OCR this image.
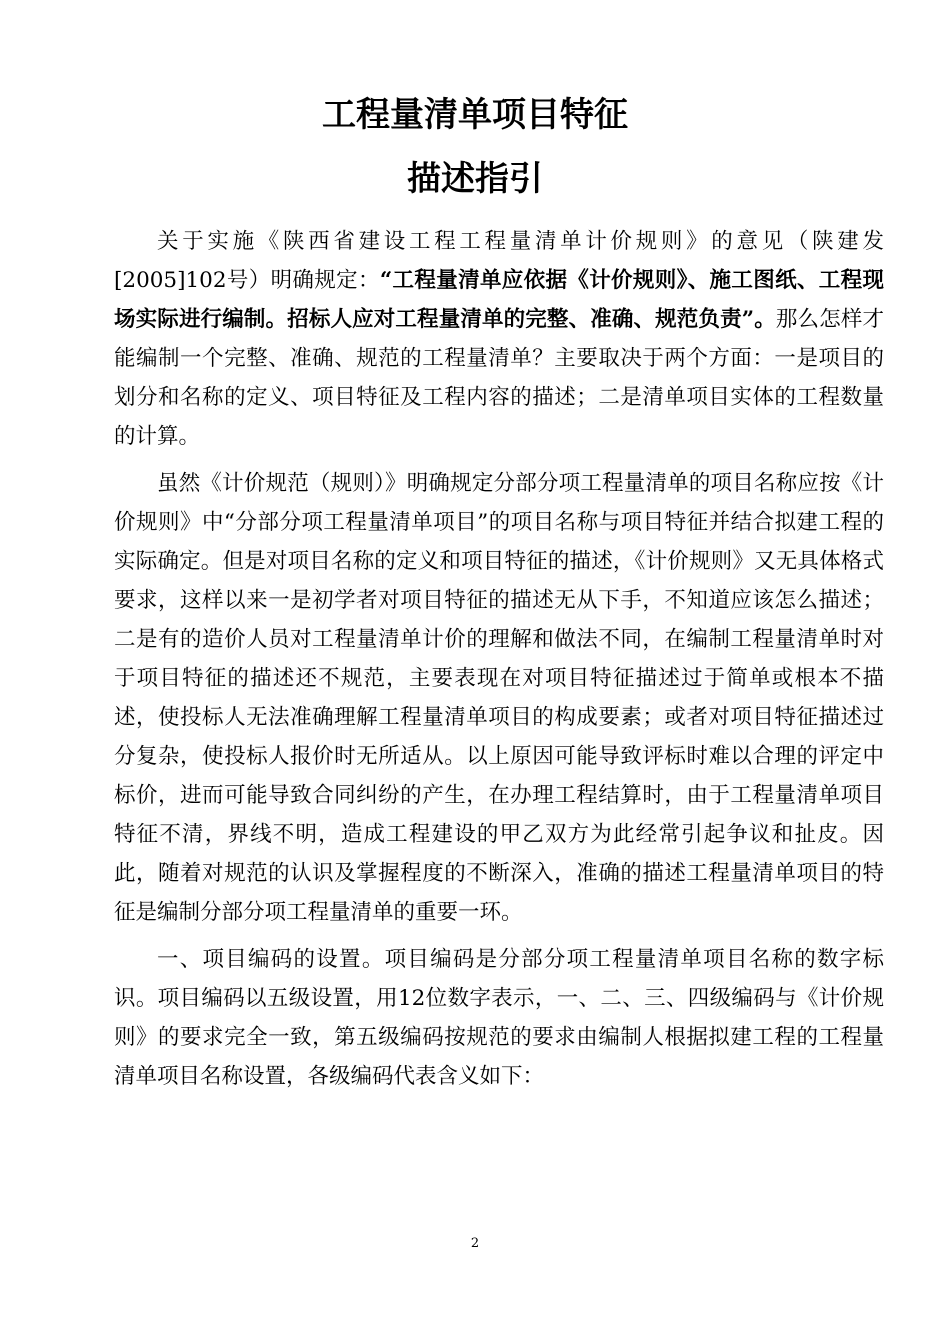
工程量清单项目特征
描述指引

关于实施《陕西省建设工程工程量清单计价规则》的意见（陕建发[2005]102号）明确规定：“工程量清单应依据《计价规则》、施工图纸、工程现场实际进行编制。招标人应对工程量清单的完整、准确、规范负责”。那么怎样才能编制一个完整、准确、规范的工程量清单？主要取决于两个方面：一是项目的划分和名称的定义、项目特征及工程内容的描述；二是清单项目实体的工程数量的计算。

虽然《计价规范（规则）》明确规定分部分项工程量清单的项目名称应按《计价规则》中“分部分项工程量清单项目”的项目名称与项目特征并结合拟建工程的实际确定。但是对项目名称的定义和项目特征的描述，《计价规则》又无具体格式要求，这样以来一是初学者对项目特征的描述无从下手，不知道应该怎么描述；二是有的造价人员对工程量清单计价的理解和做法不同，在编制工程量清单时对于项目特征的描述还不规范，主要表现在对项目特征描述过于简单或根本不描述，使投标人无法准确理解工程量清单项目的构成要素；或者对项目特征描述过分复杂，使投标人报价时无所适从。以上原因可能导致评标时难以合理的评定中标价，进而可能导致合同纠纷的产生，在办理工程结算时，由于工程量清单项目特征不清，界线不明，造成工程建设的甲乙双方为此经常引起争议和扯皮。因此，随着对规范的认识及掌握程度的不断深入，准确的描述工程量清单项目的特征是编制分部分项工程量清单的重要一环。

一、项目编码的设置。项目编码是分部分项工程量清单项目名称的数字标识。项目编码以五级设置，用12位数字表示，一、二、三、四级编码与《计价规则》的要求完全一致，第五级编码按规范的要求由编制人根据拟建工程的工程量清单项目名称设置，各级编码代表含义如下：

2
